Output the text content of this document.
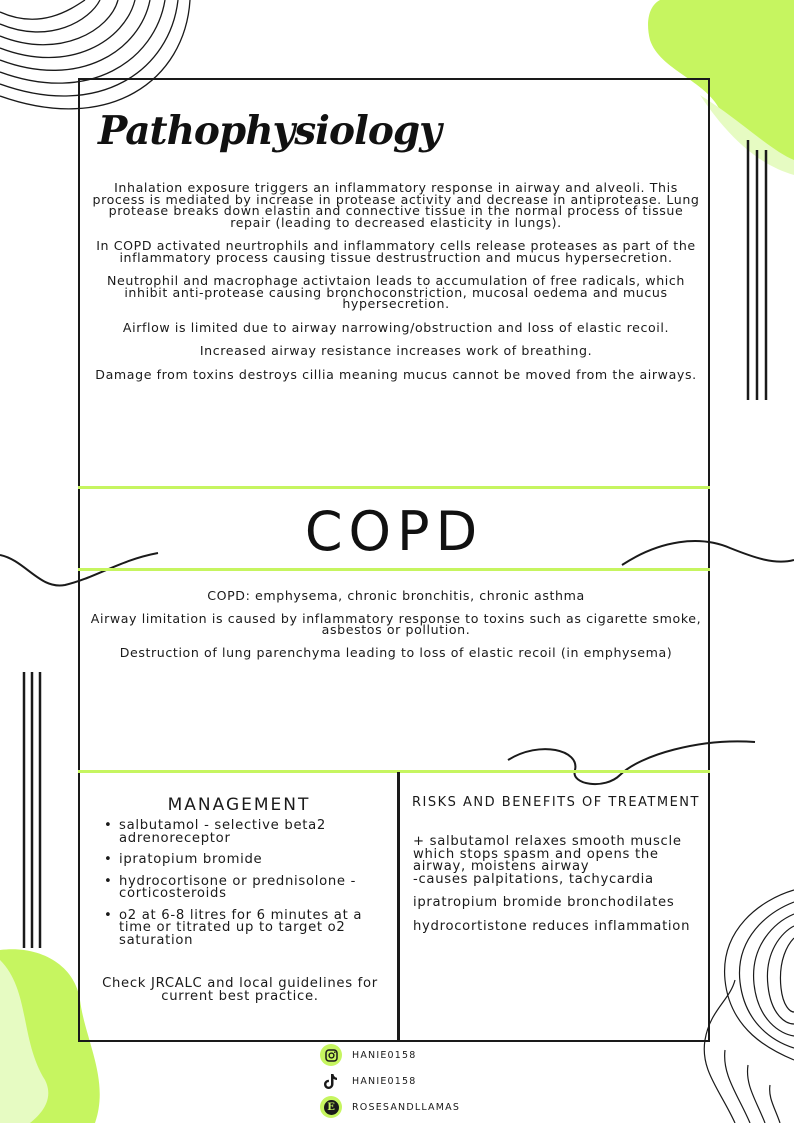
Pathophysiology

Inhalation exposure triggers an inflammatory response in airway and alveoli. This process is mediated by increase in protease activity and decrease in antiprotease. Lung protease breaks down elastin and connective tissue in the normal process of tissue repair (leading to decreased elasticity in lungs).

In COPD activated neurtrophils and inflammatory cells release proteases as part of the inflammatory process causing tissue destrustruction and mucus hypersecretion.

Neutrophil and macrophage activtaion leads to accumulation of free radicals, which inhibit anti-protease causing bronchoconstriction, mucosal oedema and mucus hypersecretion.

Airflow is limited due to airway narrowing/obstruction and loss of elastic recoil.

Increased airway resistance increases work of breathing.

Damage from toxins destroys cillia meaning mucus cannot be moved from the airways.

COPD

COPD: emphysema, chronic bronchitis, chronic asthma

Airway limitation is caused by inflammatory response to toxins such as cigarette smoke, asbestos or pollution.

Destruction of lung parenchyma leading to loss of elastic recoil (in emphysema)

MANAGEMENT
• salbutamol - selective beta2 adrenoreceptor
• ipratopium bromide
• hydrocortisone or prednisolone - corticosteroids
• o2 at 6-8 litres for 6 minutes at a time or titrated up to target o2 saturation
Check JRCALC and local guidelines for current best practice.
RISKS AND BENEFITS OF TREATMENT

+ salbutamol relaxes smooth muscle which stops spasm and opens the airway, moistens airway
-causes palpitations, tachycardia

ipratropium bromide bronchodilates

hydrocortistone reduces inflammation

HANIE0158
HANIE0158
E	ROSESANDLLAMAS
